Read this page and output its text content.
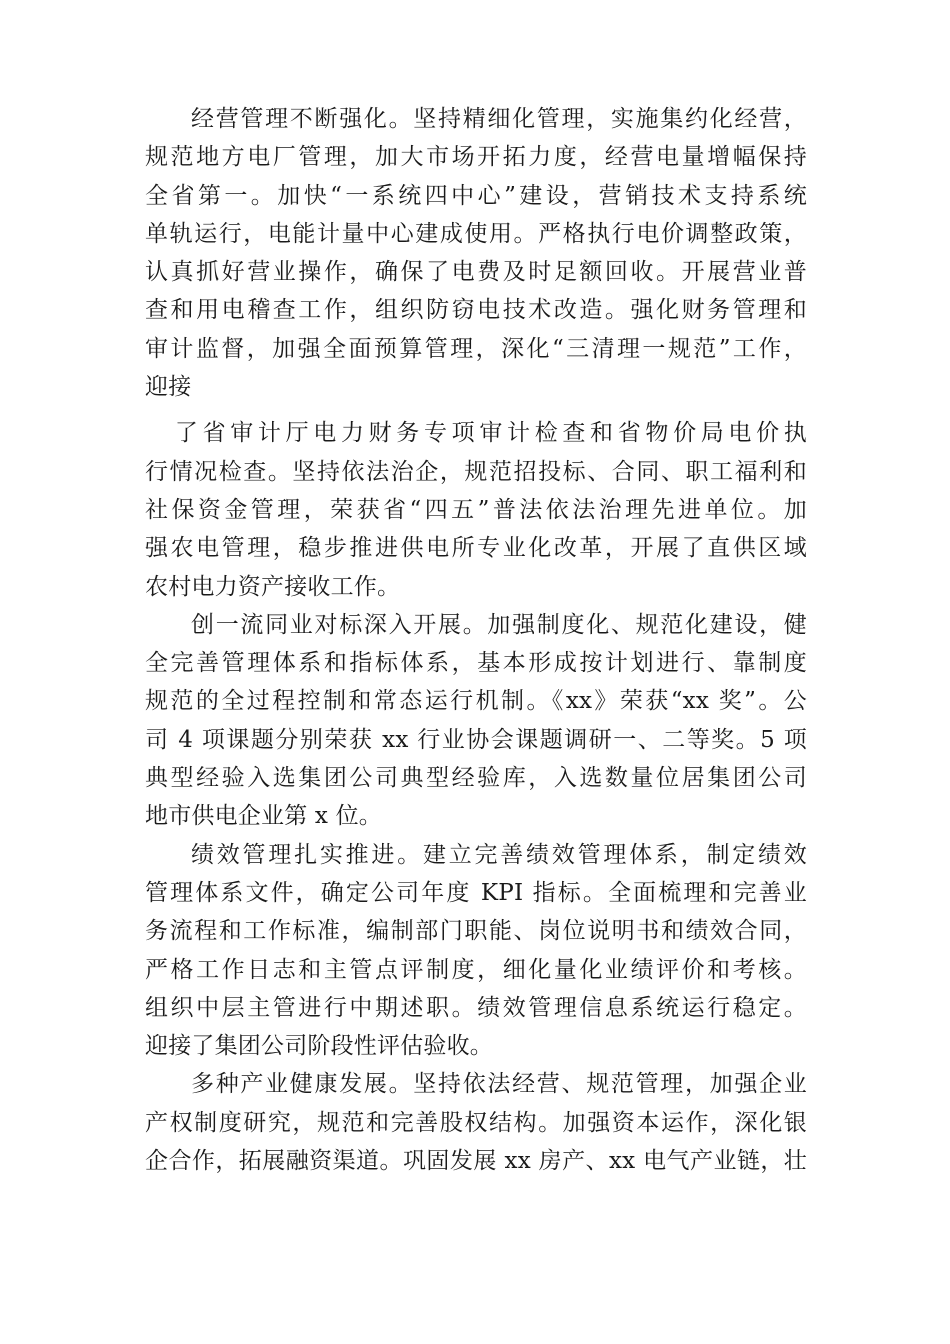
经营管理不断强化。坚持精细化管理，实施集约化经营，
规范地方电厂管理，加大市场开拓力度，经营电量增幅保持
全省第一。加快“一系统四中心”建设，营销技术支持系统
单轨运行，电能计量中心建成使用。严格执行电价调整政策，
认真抓好营业操作，确保了电费及时足额回收。开展营业普
查和用电稽查工作，组织防窃电技术改造。强化财务管理和
审计监督，加强全面预算管理，深化“三清理一规范”工作，
迎接

了省审计厅电力财务专项审计检查和省物价局电价执
行情况检查。坚持依法治企，规范招投标、合同、职工福利和
社保资金管理，荣获省“四五”普法依法治理先进单位。加
强农电管理，稳步推进供电所专业化改革，开展了直供区域
农村电力资产接收工作。

创一流同业对标深入开展。加强制度化、规范化建设，健
全完善管理体系和指标体系，基本形成按计划进行、靠制度
规范的全过程控制和常态运行机制。《xx》荣获“xx 奖”。公
司 4 项课题分别荣获 xx 行业协会课题调研一、二等奖。5 项
典型经验入选集团公司典型经验库，入选数量位居集团公司
地市供电企业第 x 位。

绩效管理扎实推进。建立完善绩效管理体系，制定绩效
管理体系文件，确定公司年度 KPI 指标。全面梳理和完善业
务流程和工作标准，编制部门职能、岗位说明书和绩效合同，
严格工作日志和主管点评制度，细化量化业绩评价和考核。
组织中层主管进行中期述职。绩效管理信息系统运行稳定。
迎接了集团公司阶段性评估验收。

多种产业健康发展。坚持依法经营、规范管理，加强企业
产权制度研究，规范和完善股权结构。加强资本运作，深化银
企合作，拓展融资渠道。巩固发展 xx 房产、xx 电气产业链，壮
